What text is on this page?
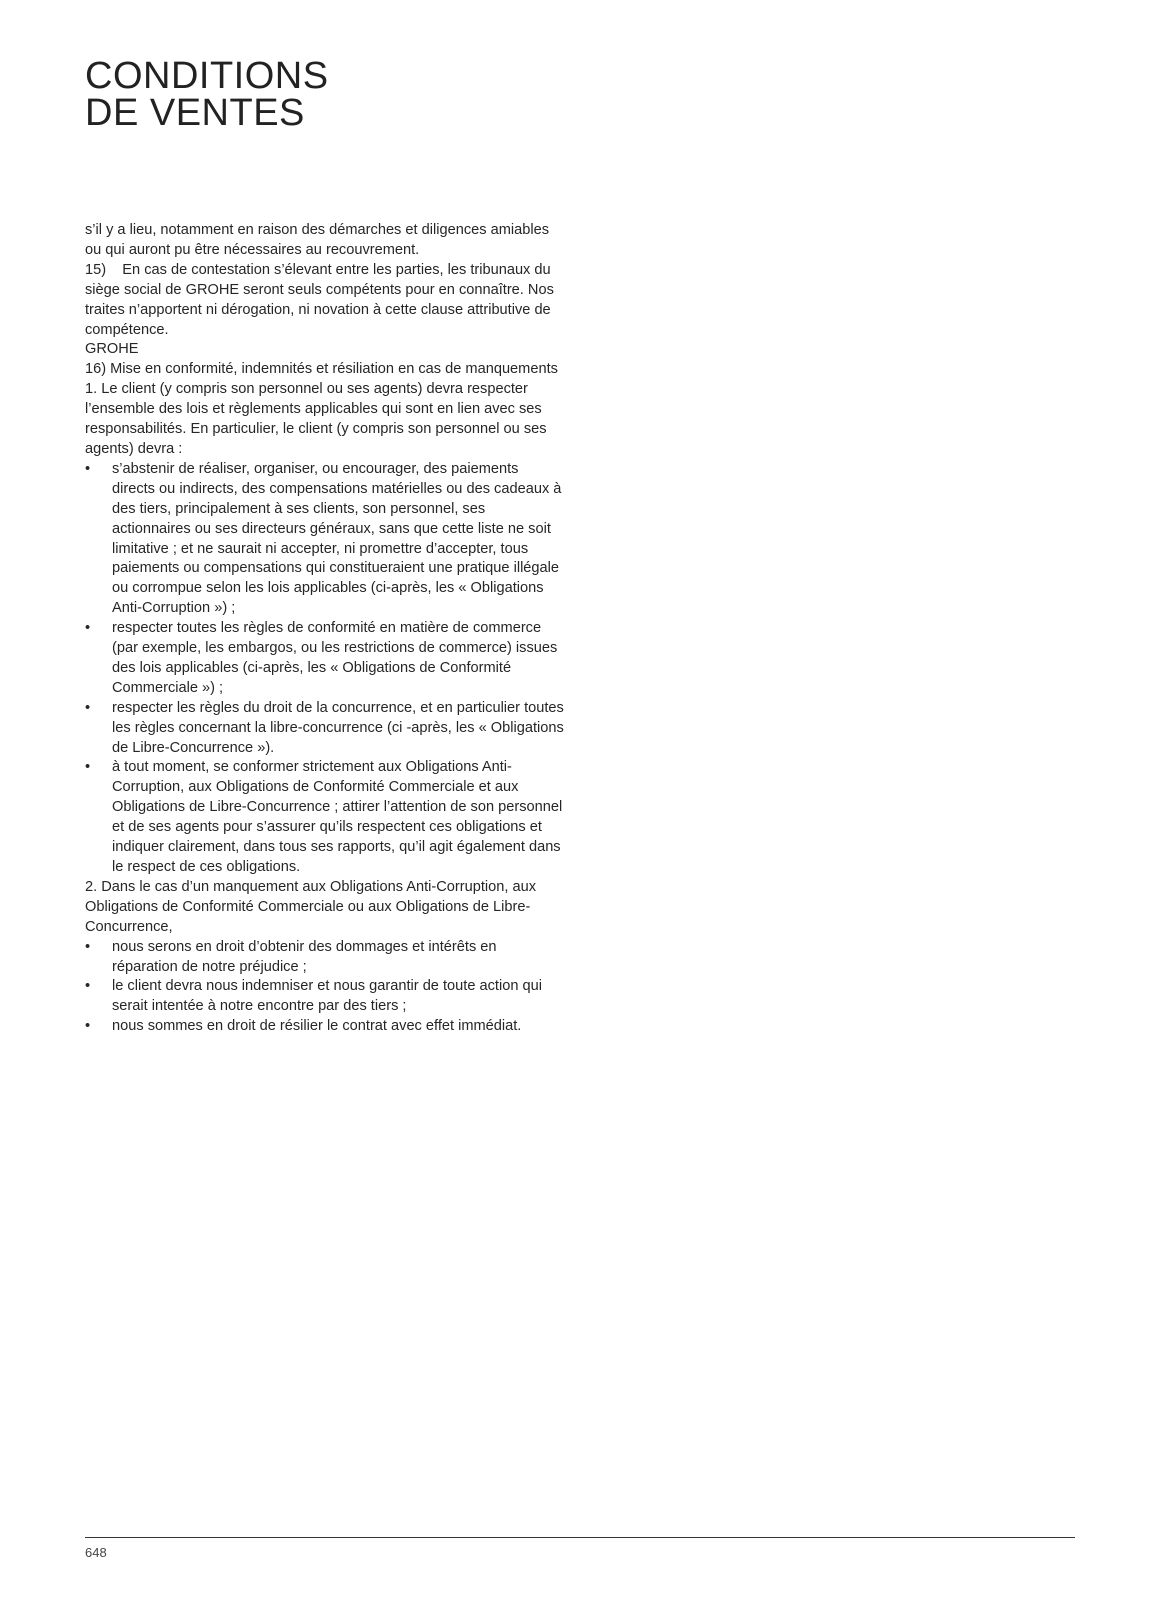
CONDITIONS
DE VENTES

s’il y a lieu, notamment en raison des démarches et diligences amiables ou qui auront pu être nécessaires au recouvrement.

15)    En cas de contestation s’élevant entre les parties, les tribunaux du siège social de GROHE seront seuls compétents pour en connaître. Nos traites n’apportent ni dérogation, ni novation à cette clause attributive de compétence.

GROHE

16) Mise en conformité, indemnités et résiliation en cas de manquements

1. Le client (y compris son personnel ou ses agents) devra respecter l’ensemble des lois et règlements applicables qui sont en lien avec ses responsabilités. En particulier, le client (y compris son personnel ou ses agents) devra :

•	s’abstenir de réaliser, organiser, ou encourager, des paiements directs ou indirects, des compensations matérielles ou des cadeaux à des tiers, principalement à ses clients, son personnel, ses actionnaires ou ses directeurs généraux, sans que cette liste ne soit limitative ; et ne saurait ni accepter, ni promettre d’accepter, tous paiements ou compensations qui constitueraient une pratique illégale ou corrompue selon les lois applicables (ci-après, les « Obligations Anti-Corruption ») ;
•	respecter toutes les règles de conformité en matière de commerce (par exemple, les embargos, ou les restrictions de commerce) issues des lois applicables (ci-après, les « Obligations de Conformité Commerciale ») ;
•	respecter les règles du droit de la concurrence, et en particulier toutes les règles concernant la libre-concurrence (ci -après, les « Obligations de Libre-Concurrence »).
•	à tout moment, se conformer strictement aux Obligations Anti-Corruption, aux Obligations de Conformité Commerciale et aux Obligations de Libre-Concurrence ; attirer l’attention de son personnel et de ses agents pour s’assurer qu’ils respectent ces obligations et indiquer clairement, dans tous ses rapports, qu’il agit également dans le respect de ces obligations.

2. Dans le cas d’un manquement aux Obligations Anti-Corruption, aux Obligations de Conformité Commerciale ou aux Obligations de Libre-Concurrence,

•	nous serons en droit d’obtenir des dommages et intérêts en réparation de notre préjudice ;
•	le client devra nous indemniser et nous garantir de toute action qui serait intentée à notre encontre par des tiers ;
•	nous sommes en droit de résilier le contrat avec effet immédiat.
648
